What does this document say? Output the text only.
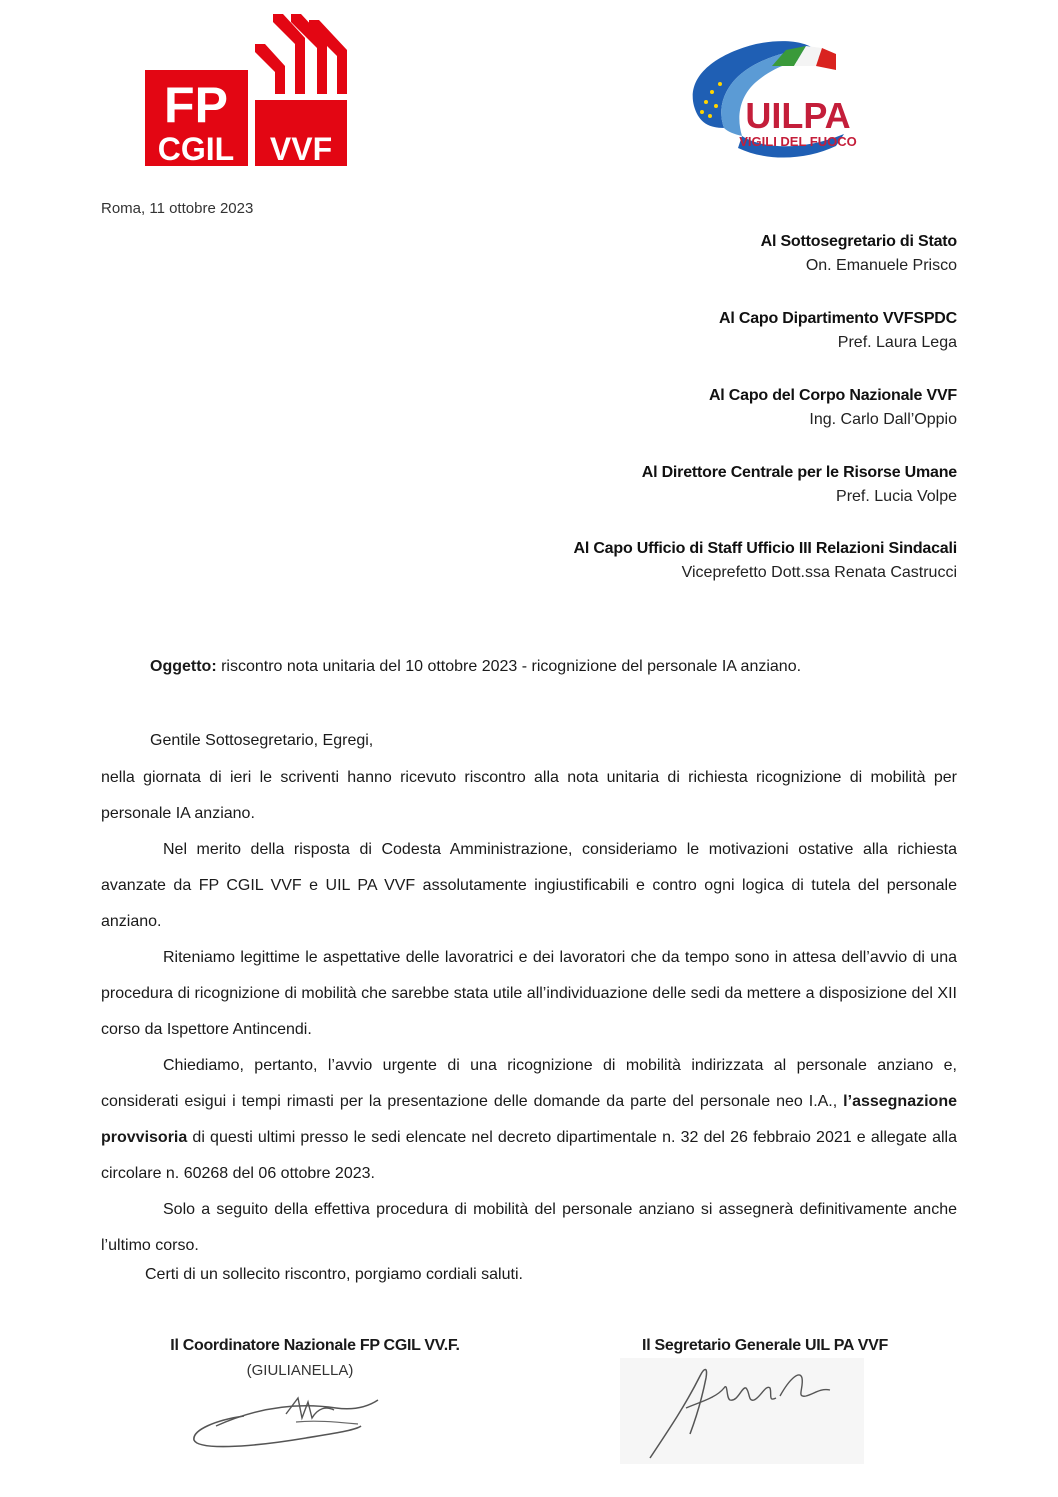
FP
CGIL VVF
UILPA
VIGILI DEL FUOCO
Roma, 11 ottobre 2023
Al Sottosegretario di Stato
On. Emanuele Prisco
Al Capo Dipartimento VVFSPDC
Pref. Laura Lega
Al Capo del Corpo Nazionale VVF
Ing. Carlo Dall’Oppio
Al Direttore Centrale per le Risorse Umane
Pref. Lucia Volpe
Al Capo Ufficio di Staff Ufficio III Relazioni Sindacali
Viceprefetto Dott.ssa Renata Castrucci
Oggetto: riscontro nota unitaria del 10 ottobre 2023 - ricognizione del personale IA anziano.
Gentile Sottosegretario, Egregi,

nella giornata di ieri le scriventi hanno ricevuto riscontro alla nota unitaria di richiesta ricognizione di mobilità per personale IA anziano.

Nel merito della risposta di Codesta Amministrazione, consideriamo le motivazioni ostative alla richiesta avanzate da FP CGIL VVF e UIL PA VVF assolutamente ingiustificabili e contro ogni logica di tutela del personale anziano.

Riteniamo legittime le aspettative delle lavoratrici e dei lavoratori che da tempo sono in attesa dell’avvio di una procedura di ricognizione di mobilità che sarebbe stata utile all’individuazione delle sedi da mettere a disposizione del XII corso da Ispettore Antincendi.

Chiediamo, pertanto, l’avvio urgente di una ricognizione di mobilità indirizzata al personale anziano e, considerati esigui i tempi rimasti per la presentazione delle domande da parte del personale neo I.A., l’assegnazione provvisoria di questi ultimi presso le sedi elencate nel decreto dipartimentale n. 32 del 26 febbraio 2021 e allegate alla circolare n. 60268 del 06 ottobre 2023.

Solo a seguito della effettiva procedura di mobilità del personale anziano si assegnerà definitivamente anche l’ultimo corso.

Certi di un sollecito riscontro, porgiamo cordiali saluti.
Il Coordinatore Nazionale FP CGIL VV.F.
(GIULIANELLA)
Il Segretario Generale UIL PA VVF
